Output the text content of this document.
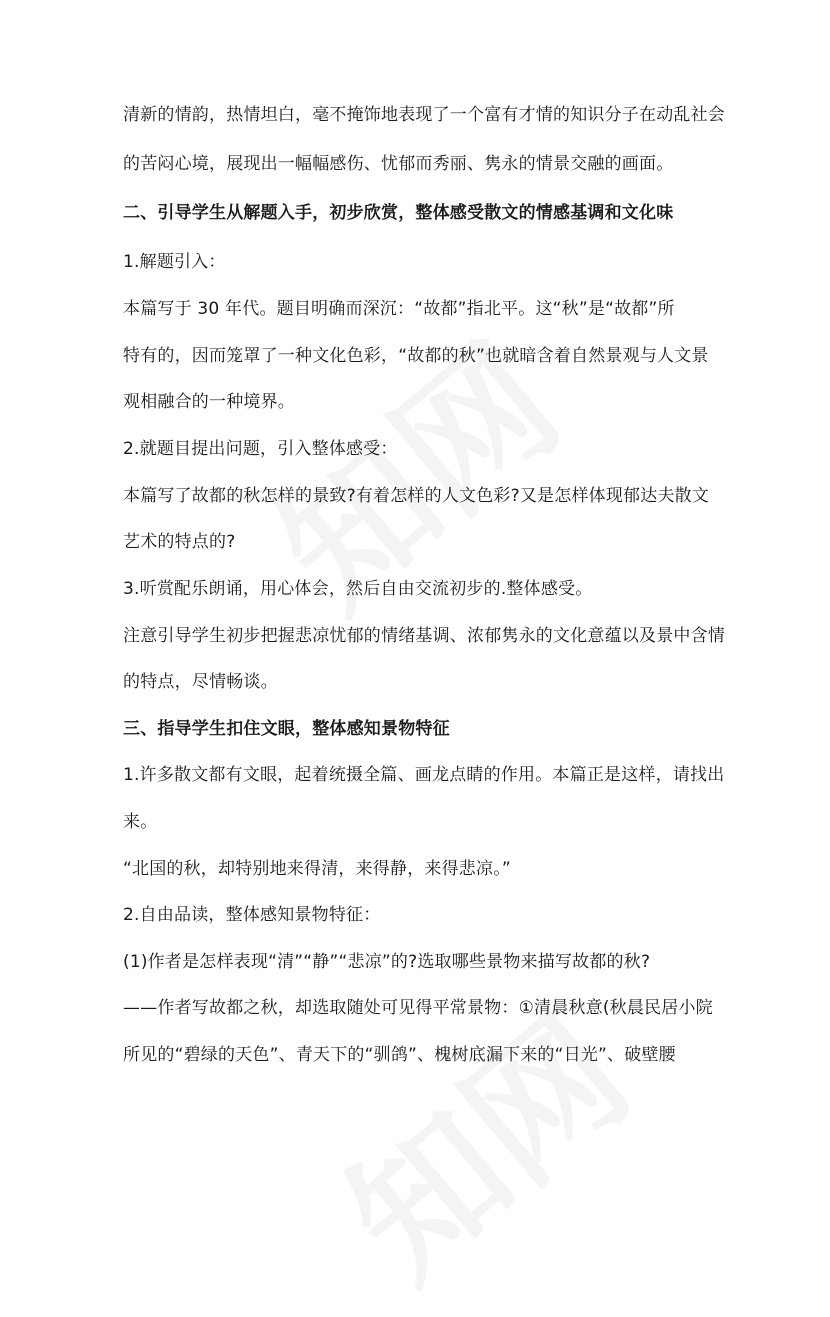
清新的情韵，热情坦白，毫不掩饰地表现了一个富有才情的知识分子在动乱社会
的苦闷心境，展现出一幅幅感伤、忧郁而秀丽、隽永的情景交融的画面。
二、引导学生从解题入手，初步欣赏，整体感受散文的情感基调和文化味
1.解题引入：
本篇写于 30 年代。题目明确而深沉：“故都”指北平。这“秋”是“故都”所
特有的，因而笼罩了一种文化色彩，“故都的秋”也就暗含着自然景观与人文景
观相融合的一种境界。
2.就题目提出问题，引入整体感受：
本篇写了故都的秋怎样的景致?有着怎样的人文色彩?又是怎样体现郁达夫散文
艺术的特点的?
3.听赏配乐朗诵，用心体会，然后自由交流初步的.整体感受。
注意引导学生初步把握悲凉忧郁的情绪基调、浓郁隽永的文化意蕴以及景中含情
的特点，尽情畅谈。
三、指导学生扣住文眼，整体感知景物特征
1.许多散文都有文眼，起着统摄全篇、画龙点睛的作用。本篇正是这样，请找出
来。
“北国的秋，却特别地来得清，来得静，来得悲凉。”
2.自由品读，整体感知景物特征：
(1)作者是怎样表现“清”“静”“悲凉”的?选取哪些景物来描写故都的秋?
——作者写故都之秋，却选取随处可见得平常景物：①清晨秋意(秋晨民居小院
所见的“碧绿的天色”、青天下的“驯鸽”、槐树底漏下来的“日光”、破壁腰
